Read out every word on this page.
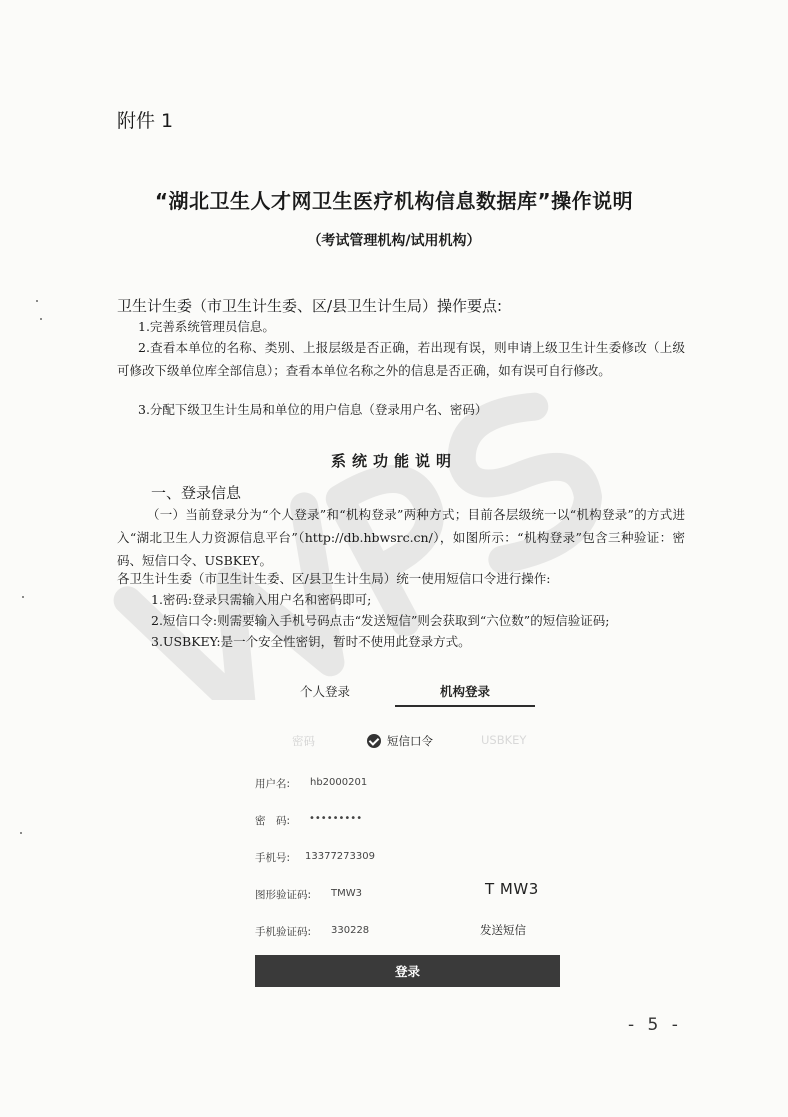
附件 1
“湖北卫生人才网卫生医疗机构信息数据库”操作说明
（考试管理机构/试用机构）
卫生计生委（市卫生计生委、区/县卫生计生局）操作要点:
1.完善系统管理员信息。
2.查看本单位的名称、类别、上报层级是否正确，若出现有误，则申请上级卫生计生委修改（上级可修改下级单位库全部信息）；查看本单位名称之外的信息是否正确，如有误可自行修改。
3.分配下级卫生计生局和单位的用户信息（登录用户名、密码）
系统功能说明
一、登录信息
（一）当前登录分为“个人登录”和“机构登录”两种方式；目前各层级统一以“机构登录”的方式进入“湖北卫生人力资源信息平台”（http://db.hbwsrc.cn/），如图所示：“机构登录”包含三种验证：密码、短信口令、USBKEY。
各卫生计生委（市卫生计生委、区/县卫生计生局）统一使用短信口令进行操作:
1.密码:登录只需输入用户名和密码即可;
2.短信口令:则需要输入手机号码点击“发送短信”则会获取到“六位数”的短信验证码;
3.USBKEY:是一个安全性密钥，暂时不使用此登录方式。
个人登录	机构登录
密码	短信口令	USBKEY
用户名: hb2000201
密　码: •••••••••
手机号: 13377273309
图形验证码: TMW3	T MW3
手机验证码: 330228	发送短信
登录
- 5 -
